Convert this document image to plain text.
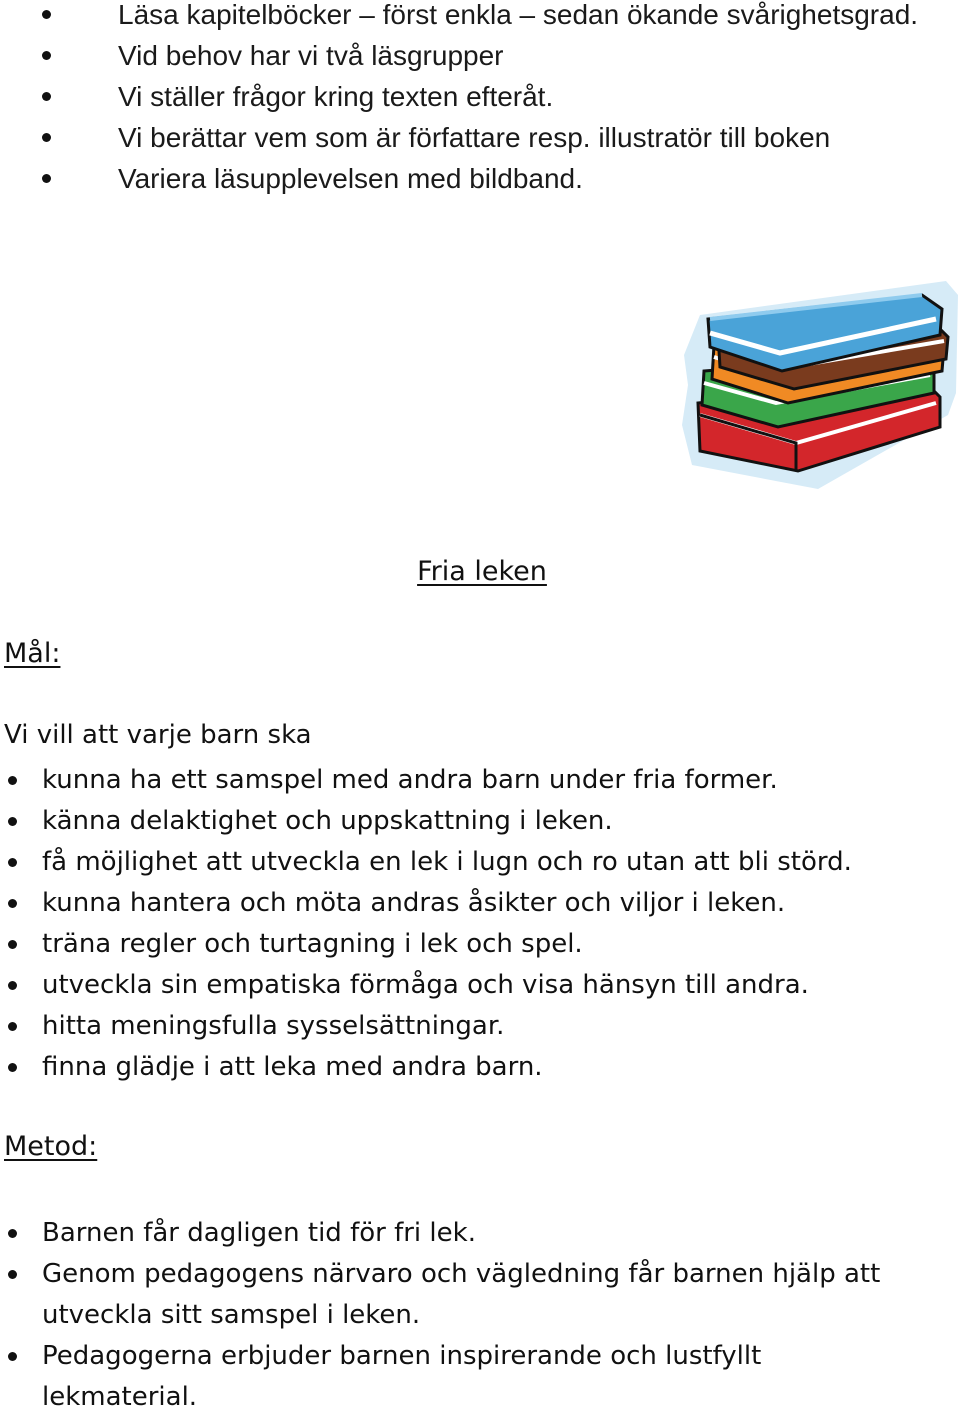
Läsa kapitelböcker – först enkla – sedan ökande svårighetsgrad.
Vid behov har vi två läsgrupper
Vi ställer frågor kring texten efteråt.
Vi berättar vem som är författare resp. illustratör till boken
Variera läsupplevelsen med bildband.
Fria leken
Mål:
Vi vill att varje barn ska
kunna ha ett samspel med andra barn under fria former.
känna delaktighet och uppskattning i leken.
få möjlighet att utveckla en lek i lugn och ro utan att bli störd.
kunna hantera och möta andras åsikter och viljor i leken.
träna regler och turtagning i lek och spel.
utveckla sin empatiska förmåga och visa hänsyn till andra.
hitta meningsfulla sysselsättningar.
finna glädje i att leka med andra barn.
Metod:
Barnen får dagligen tid för fri lek.
Genom pedagogens närvaro och vägledning får barnen hjälp att utveckla sitt samspel i leken.
Pedagogerna erbjuder barnen inspirerande och lustfyllt lekmaterial.
